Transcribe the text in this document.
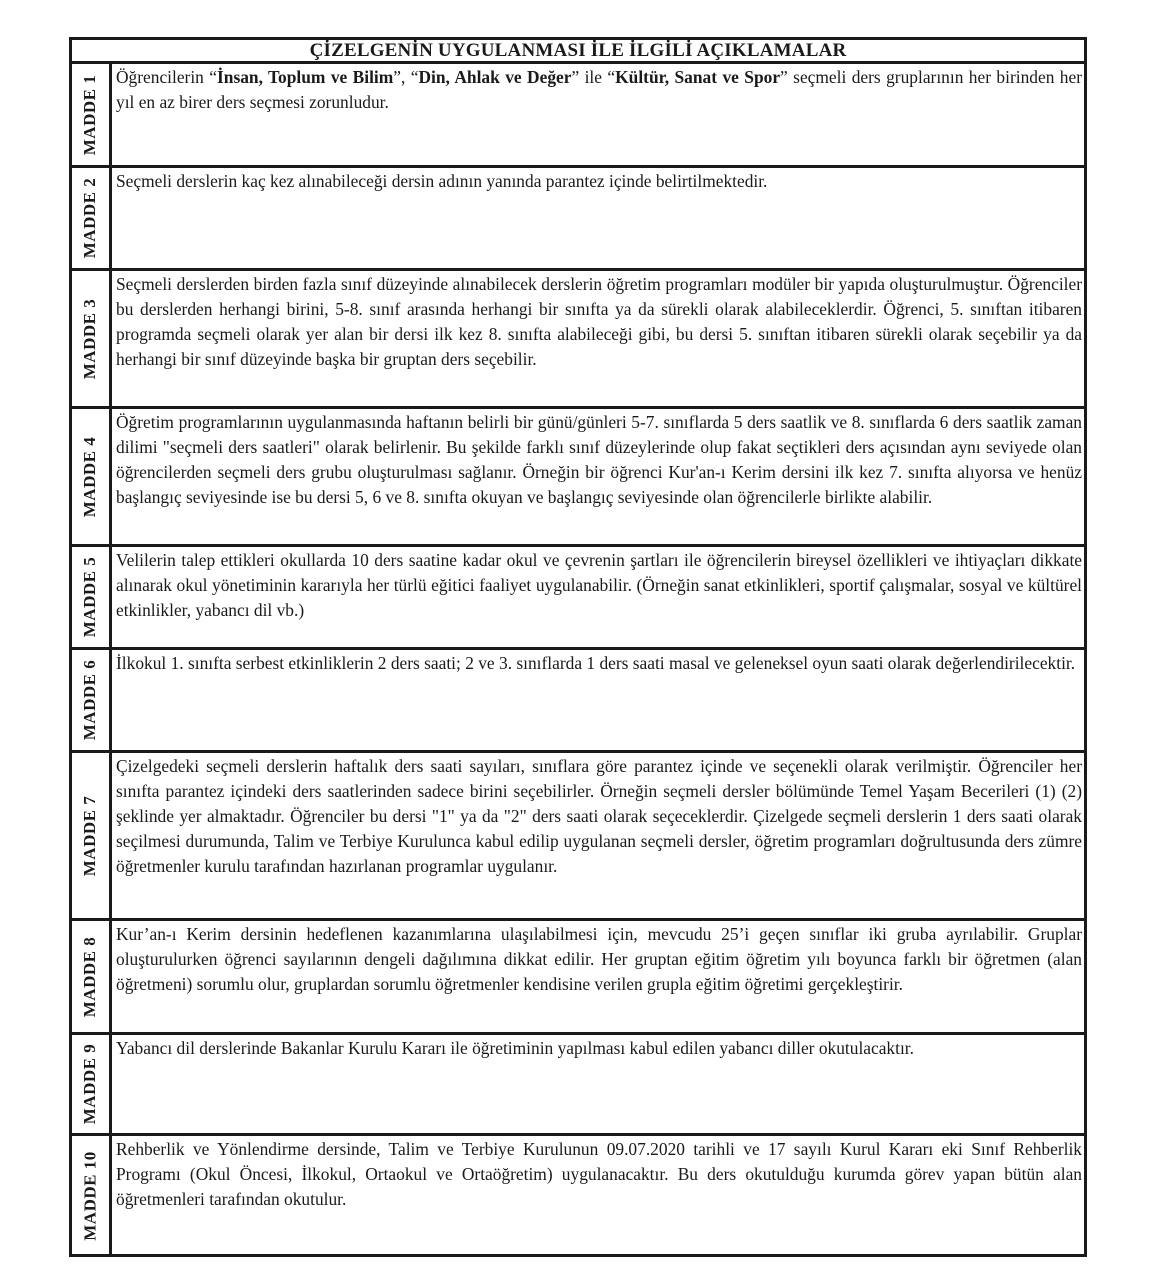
ÇİZELGENİN UYGULANMASI İLE İLGİLİ AÇIKLAMALAR
MADDE 1 Öğrencilerin “İnsan, Toplum ve Bilim”, “Din, Ahlak ve Değer” ile “Kültür, Sanat ve Spor” seçmeli ders gruplarının her birinden her yıl en az birer ders seçmesi zorunludur.
MADDE 2 Seçmeli derslerin kaç kez alınabileceği dersin adının yanında parantez içinde belirtilmektedir.
MADDE 3
Seçmeli derslerden birden fazla sınıf düzeyinde alınabilecek derslerin öğretim programları modüler bir yapıda oluşturulmuştur. Öğrenciler bu derslerden herhangi birini, 5-8. sınıf arasında herhangi bir sınıfta ya da sürekli olarak alabileceklerdir. Öğrenci, 5. sınıftan itibaren programda seçmeli olarak yer alan bir dersi ilk kez 8. sınıfta alabileceği gibi, bu dersi 5. sınıftan itibaren sürekli olarak seçebilir ya da herhangi bir sınıf düzeyinde başka bir gruptan ders seçebilir.
MADDE 4
Öğretim programlarının uygulanmasında haftanın belirli bir günü/günleri 5-7. sınıflarda 5 ders saatlik ve 8. sınıflarda 6 ders saatlik zaman dilimi "seçmeli ders saatleri" olarak belirlenir. Bu şekilde farklı sınıf düzeylerinde olup fakat seçtikleri ders açısından aynı seviyede olan öğrencilerden seçmeli ders grubu oluşturulması sağlanır. Örneğin bir öğrenci Kur'an-ı Kerim dersini ilk kez 7. sınıfta alıyorsa ve henüz başlangıç seviyesinde ise bu dersi 5, 6 ve 8. sınıfta okuyan ve başlangıç seviyesinde olan öğrencilerle birlikte alabilir.
MADDE 5 Velilerin talep ettikleri okullarda 10 ders saatine kadar okul ve çevrenin şartları ile öğrencilerin bireysel özellikleri ve ihtiyaçları dikkate alınarak okul yönetiminin kararıyla her türlü eğitici faaliyet uygulanabilir. (Örneğin sanat etkinlikleri, sportif çalışmalar, sosyal ve kültürel etkinlikler, yabancı dil vb.)
MADDE 6 İlkokul 1. sınıfta serbest etkinliklerin 2 ders saati; 2 ve 3. sınıflarda 1 ders saati masal ve geleneksel oyun saati olarak değerlendirilecektir.
MADDE 7
Çizelgedeki seçmeli derslerin haftalık ders saati sayıları, sınıflara göre parantez içinde ve seçenekli olarak verilmiştir. Öğrenciler her sınıfta parantez içindeki ders saatlerinden sadece birini seçebilirler. Örneğin seçmeli dersler bölümünde Temel Yaşam Becerileri (1) (2) şeklinde yer almaktadır. Öğrenciler bu dersi "1" ya da "2" ders saati olarak seçeceklerdir. Çizelgede seçmeli derslerin 1 ders saati olarak seçilmesi durumunda, Talim ve Terbiye Kurulunca kabul edilip uygulanan seçmeli dersler, öğretim programları doğrultusunda ders zümre öğretmenler kurulu tarafından hazırlanan programlar uygulanır.
MADDE 8
Kur’an-ı Kerim dersinin hedeflenen kazanımlarına ulaşılabilmesi için, mevcudu 25’i geçen sınıflar iki gruba ayrılabilir. Gruplar oluşturulurken öğrenci sayılarının dengeli dağılımına dikkat edilir. Her gruptan eğitim öğretim yılı boyunca farklı bir öğretmen (alan öğretmeni) sorumlu olur, gruplardan sorumlu öğretmenler kendisine verilen grupla eğitim öğretimi gerçekleştirir.
MADDE 9 Yabancı dil derslerinde Bakanlar Kurulu Kararı ile öğretiminin yapılması kabul edilen yabancı diller okutulacaktır.
MADDE 10
Rehberlik ve Yönlendirme dersinde, Talim ve Terbiye Kurulunun 09.07.2020 tarihli ve 17 sayılı Kurul Kararı eki Sınıf Rehberlik Programı (Okul Öncesi, İlkokul, Ortaokul ve Ortaöğretim) uygulanacaktır. Bu ders okutulduğu kurumda görev yapan bütün alan öğretmenleri tarafından okutulur.
